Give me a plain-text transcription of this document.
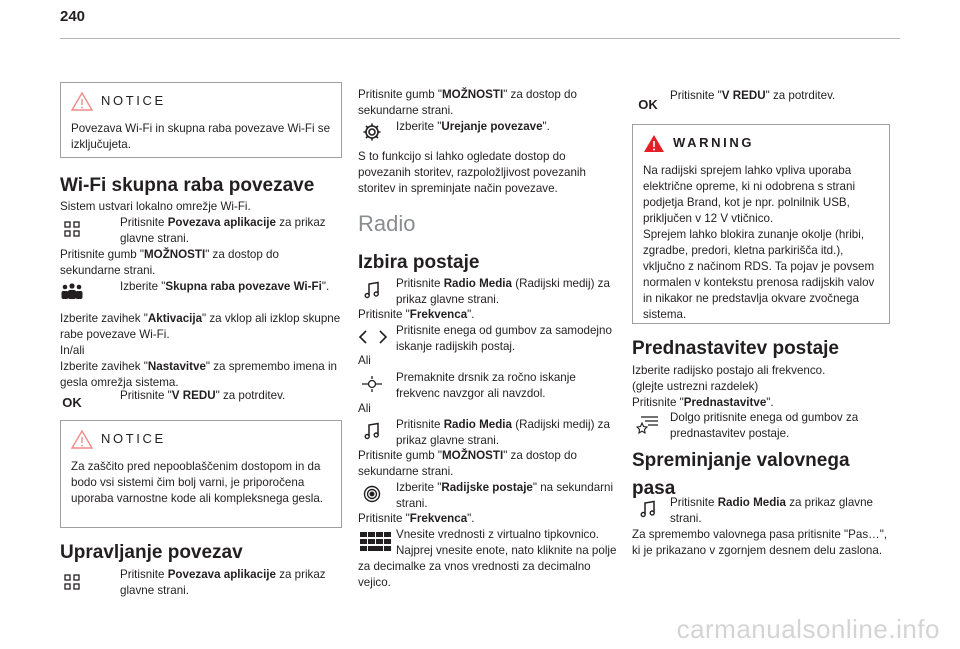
240
NOTICE
Povezava Wi-Fi in skupna raba povezave Wi-Fi se izključujeta.
Wi-Fi skupna raba povezave

Sistem ustvari lokalno omrežje Wi-Fi.

Pritisnite Povezava aplikacije za prikaz glavne strani.

Pritisnite gumb "MOŽNOSTI" za dostop do sekundarne strani.

Izberite "Skupna raba povezave Wi-Fi".

Izberite zavihek "Aktivacija" za vklop ali izklop skupne rabe povezave Wi-Fi.

In/ali

Izberite zavihek "Nastavitve" za spremembo imena in gesla omrežja sistema.

OK	Pritisnite "V REDU" za potrditev.

NOTICE
Za zaščito pred nepooblaščenim dostopom in da bodo vsi sistemi čim bolj varni, je priporočena uporaba varnostne kode ali kompleksnega gesla.
Upravljanje povezav

Pritisnite Povezava aplikacije za prikaz glavne strani.

Pritisnite gumb "MOŽNOSTI" za dostop do sekundarne strani.

Izberite "Urejanje povezave".

S to funkcijo si lahko ogledate dostop do povezanih storitev, razpoložljivost povezanih storitev in spreminjate način povezave.

Radio
Izbira postaje

Pritisnite Radio Media (Radijski medij) za prikaz glavne strani.

Pritisnite "Frekvenca".

Pritisnite enega od gumbov za samodejno iskanje radijskih postaj.

Ali

Premaknite drsnik za ročno iskanje frekvenc navzgor ali navzdol.

Ali

Pritisnite Radio Media (Radijski medij) za prikaz glavne strani.

Pritisnite gumb "MOŽNOSTI" za dostop do sekundarne strani.

Izberite "Radijske postaje" na sekundarni strani.

Pritisnite "Frekvenca".

Vnesite vrednosti z virtualno tipkovnico.

Najprej vnesite enote, nato kliknite na polje za decimalke za vnos vrednosti za decimalno vejico.

OK

Pritisnite "V REDU" za potrditev.

WARNING
Na radijski sprejem lahko vpliva uporaba električne opreme, ki ni odobrena s strani podjetja Brand, kot je npr. polnilnik USB, priključen v 12 V vtičnico.
Sprejem lahko blokira zunanje okolje (hribi, zgradbe, predori, kletna parkirišča itd.), vključno z načinom RDS. Ta pojav je povsem normalen v kontekstu prenosa radijskih valov in nikakor ne predstavlja okvare zvočnega sistema.
Prednastavitev postaje

Izberite radijsko postajo ali frekvenco.

(glejte ustrezni razdelek)

Pritisnite "Prednastavitve".

Dolgo pritisnite enega od gumbov za prednastavitev postaje.

Spreminjanje valovnega
pasa

Pritisnite Radio Media za prikaz glavne strani.

Za spremembo valovnega pasa pritisnite "Pas…", ki je prikazano v zgornjem desnem delu zaslona.

carmanualsonline.info
